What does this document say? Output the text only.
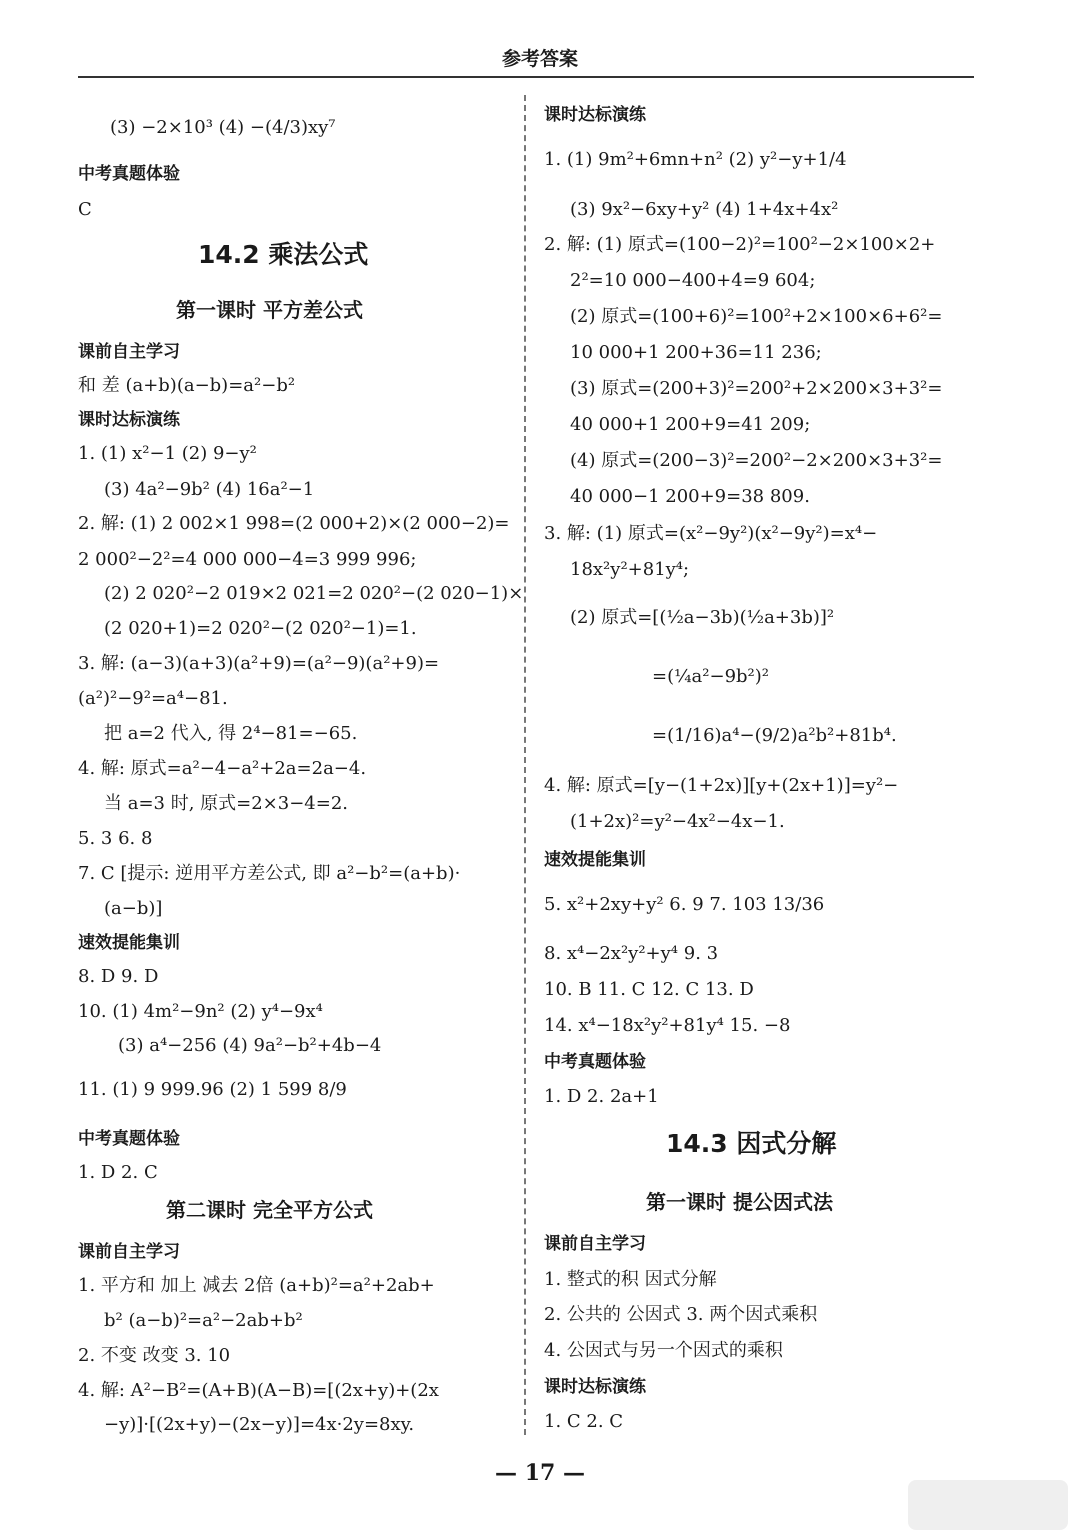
参考答案
(3) −2×10³ (4) −(4/3)xy⁷
中考真题体验
C
14.2 乘法公式
第一课时 平方差公式
课前自主学习
和 差 (a+b)(a−b)=a²−b²
课时达标演练
1. (1) x²−1 (2) 9−y²
(3) 4a²−9b² (4) 16a²−1
2. 解: (1) 2 002×1 998=(2 000+2)×(2 000−2)=
2 000²−2²=4 000 000−4=3 999 996;
(2) 2 020²−2 019×2 021=2 020²−(2 020−1)×
(2 020+1)=2 020²−(2 020²−1)=1.
3. 解: (a−3)(a+3)(a²+9)=(a²−9)(a²+9)=
(a²)²−9²=a⁴−81.
把 a=2 代入, 得 2⁴−81=−65.
4. 解: 原式=a²−4−a²+2a=2a−4.
当 a=3 时, 原式=2×3−4=2.
5. 3 6. 8
7. C [提示: 逆用平方差公式, 即 a²−b²=(a+b)·
(a−b)]
速效提能集训
8. D 9. D
10. (1) 4m²−9n² (2) y⁴−9x⁴
(3) a⁴−256 (4) 9a²−b²+4b−4
11. (1) 9 999.96 (2) 1 599 8/9
中考真题体验
1. D 2. C
第二课时 完全平方公式
课前自主学习
1. 平方和 加上 减去 2倍 (a+b)²=a²+2ab+
b² (a−b)²=a²−2ab+b²
2. 不变 改变 3. 10
4. 解: A²−B²=(A+B)(A−B)=[(2x+y)+(2x
−y)]·[(2x+y)−(2x−y)]=4x·2y=8xy.
课时达标演练
1. (1) 9m²+6mn+n² (2) y²−y+1/4
(3) 9x²−6xy+y² (4) 1+4x+4x²
2. 解: (1) 原式=(100−2)²=100²−2×100×2+
2²=10 000−400+4=9 604;
(2) 原式=(100+6)²=100²+2×100×6+6²=
10 000+1 200+36=11 236;
(3) 原式=(200+3)²=200²+2×200×3+3²=
40 000+1 200+9=41 209;
(4) 原式=(200−3)²=200²−2×200×3+3²=
40 000−1 200+9=38 809.
3. 解: (1) 原式=(x²−9y²)(x²−9y²)=x⁴−
18x²y²+81y⁴;
(2) 原式=[(½a−3b)(½a+3b)]²
=(¼a²−9b²)²
=(1/16)a⁴−(9/2)a²b²+81b⁴.
4. 解: 原式=[y−(1+2x)][y+(2x+1)]=y²−
(1+2x)²=y²−4x²−4x−1.
速效提能集训
5. x²+2xy+y² 6. 9 7. 103 13/36
8. x⁴−2x²y²+y⁴ 9. 3
10. B 11. C 12. C 13. D
14. x⁴−18x²y²+81y⁴ 15. −8
中考真题体验
1. D 2. 2a+1
14.3 因式分解
第一课时 提公因式法
课前自主学习
1. 整式的积 因式分解
2. 公共的 公因式 3. 两个因式乘积
4. 公因式与另一个因式的乘积
课时达标演练
1. C 2. C
— 17 —
